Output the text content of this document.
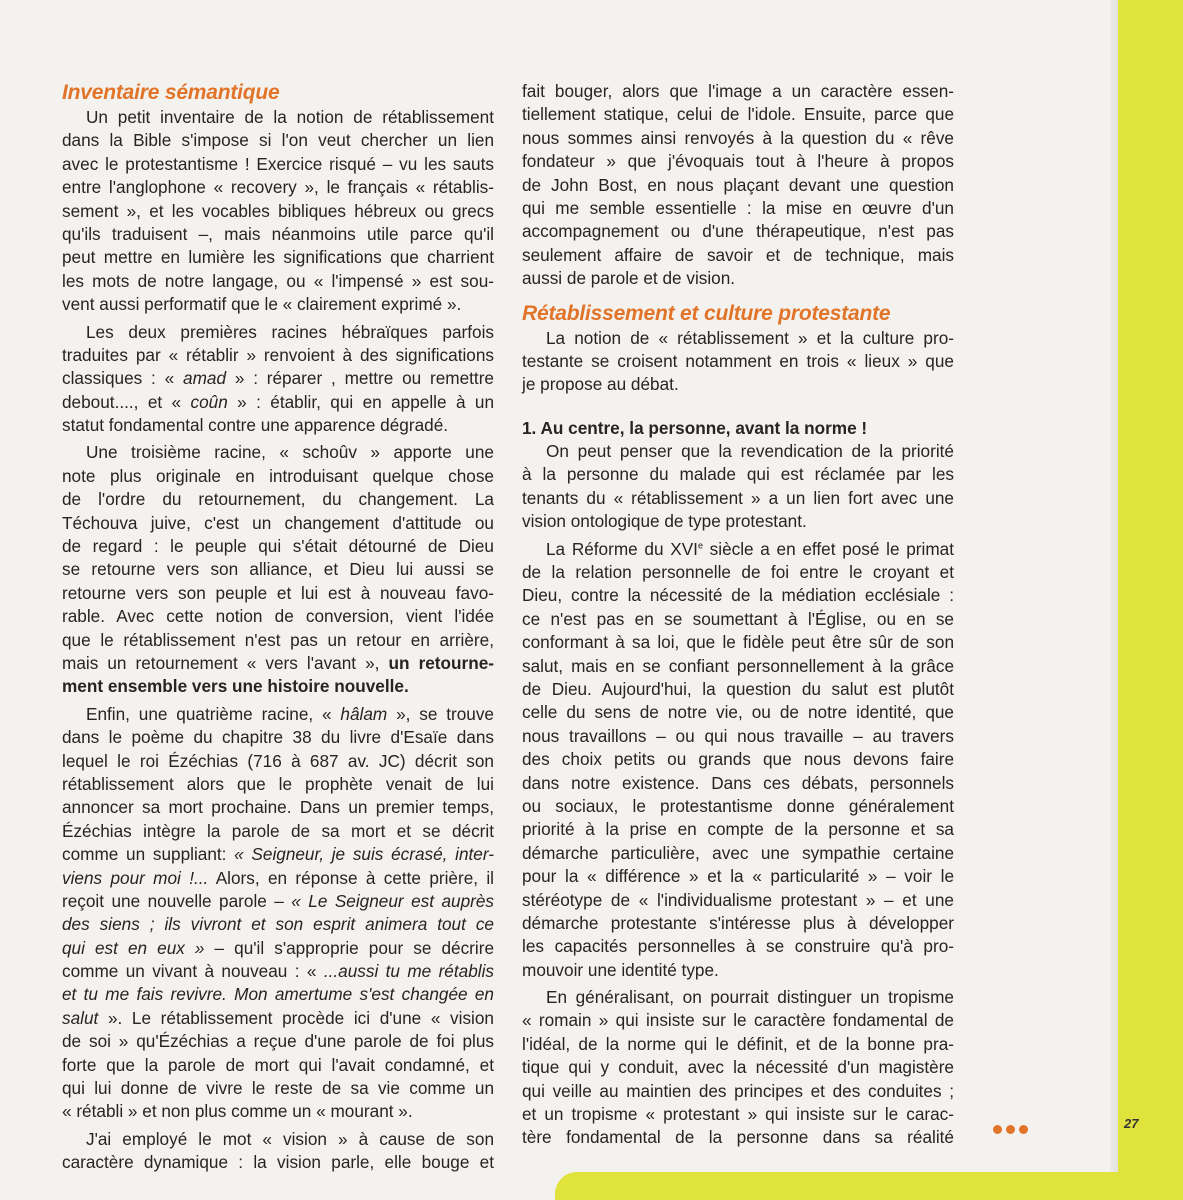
Inventaire sémantique
Un petit inventaire de la notion de rétablissement
dans la Bible s'impose si l'on veut chercher un lien
avec le protestantisme ! Exercice risqué – vu les sauts
entre l'anglophone « recovery », le français « rétablis-
sement », et les vocables bibliques hébreux ou grecs
qu'ils traduisent –, mais néanmoins utile parce qu'il
peut mettre en lumière les significations que charrient
les mots de notre langage, ou « l'impensé » est sou-
vent aussi performatif que le « clairement exprimé ».
Les deux premières racines hébraïques parfois
traduites par « rétablir » renvoient à des significations
classiques : « amad » : réparer , mettre ou remettre
debout...., et « coûn » : établir, qui en appelle à un
statut fondamental contre une apparence dégradé.
Une troisième racine, « schoûv » apporte une
note plus originale en introduisant quelque chose
de l'ordre du retournement, du changement. La
Téchouva juive, c'est un changement d'attitude ou
de regard : le peuple qui s'était détourné de Dieu
se retourne vers son alliance, et Dieu lui aussi se
retourne vers son peuple et lui est à nouveau favo-
rable. Avec cette notion de conversion, vient l'idée
que le rétablissement n'est pas un retour en arrière,
mais un retournement « vers l'avant », un retourne-
ment ensemble vers une histoire nouvelle.
Enfin, une quatrième racine, « hâlam », se trouve
dans le poème du chapitre 38 du livre d'Esaïe dans
lequel le roi Ézéchias (716 à 687 av. JC) décrit son
rétablissement alors que le prophète venait de lui
annoncer sa mort prochaine. Dans un premier temps,
Ézéchias intègre la parole de sa mort et se décrit
comme un suppliant: « Seigneur, je suis écrasé, inter-
viens pour moi !... Alors, en réponse à cette prière, il
reçoit une nouvelle parole – « Le Seigneur est auprès
des siens ; ils vivront et son esprit animera tout ce
qui est en eux » – qu'il s'approprie pour se décrire
comme un vivant à nouveau : « ...aussi tu me rétablis
et tu me fais revivre. Mon amertume s'est changée en
salut ». Le rétablissement procède ici d'une « vision
de soi » qu'Ézéchias a reçue d'une parole de foi plus
forte que la parole de mort qui l'avait condamné, et
qui lui donne de vivre le reste de sa vie comme un
« rétabli » et non plus comme un « mourant ».
J'ai employé le mot « vision » à cause de son
caractère dynamique : la vision parle, elle bouge et
fait bouger, alors que l'image a un caractère essen-
tiellement statique, celui de l'idole. Ensuite, parce que
nous sommes ainsi renvoyés à la question du « rêve
fondateur » que j'évoquais tout à l'heure à propos
de John Bost, en nous plaçant devant une question
qui me semble essentielle : la mise en œuvre d'un
accompagnement ou d'une thérapeutique, n'est pas
seulement affaire de savoir et de technique, mais
aussi de parole et de vision.
Rétablissement et culture protestante
La notion de « rétablissement » et la culture pro-
testante se croisent notamment en trois « lieux » que
je propose au débat.
1. Au centre, la personne, avant la norme !
On peut penser que la revendication de la priorité
à la personne du malade qui est réclamée par les
tenants du « rétablissement » a un lien fort avec une
vision ontologique de type protestant.
La Réforme du XVIe siècle a en effet posé le primat
de la relation personnelle de foi entre le croyant et
Dieu, contre la nécessité de la médiation ecclésiale :
ce n'est pas en se soumettant à l'Église, ou en se
conformant à sa loi, que le fidèle peut être sûr de son
salut, mais en se confiant personnellement à la grâce
de Dieu. Aujourd'hui, la question du salut est plutôt
celle du sens de notre vie, ou de notre identité, que
nous travaillons – ou qui nous travaille – au travers
des choix petits ou grands que nous devons faire
dans notre existence. Dans ces débats, personnels
ou sociaux, le protestantisme donne généralement
priorité à la prise en compte de la personne et sa
démarche particulière, avec une sympathie certaine
pour la « différence » et la « particularité » – voir le
stéréotype de « l'individualisme protestant » – et une
démarche protestante s'intéresse plus à développer
les capacités personnelles à se construire qu'à pro-
mouvoir une identité type.
En généralisant, on pourrait distinguer un tropisme
« romain » qui insiste sur le caractère fondamental de
l'idéal, de la norme qui le définit, et de la bonne pra-
tique qui y conduit, avec la nécessité d'un magistère
qui veille au maintien des principes et des conduites ;
et un tropisme « protestant » qui insiste sur le carac-
tère fondamental de la personne dans sa réalité
27
